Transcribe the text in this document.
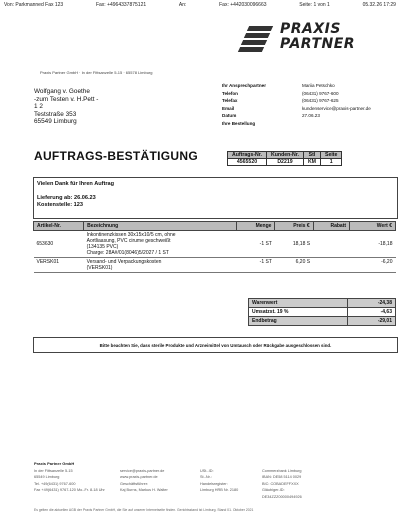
Von: Parkmanned Fax 123	Fax: +4964337875121	An:	Fax: +442030096663	Seite: 1 von 1	05.32.26 17:29
PRAXIS
PARTNER
Praxis Partner GmbH · In der Fittsanzelle 5-15 · 65578 Limburg
Wolfgang v. Goethe
-zum Testen v. H.Pett -
1 2
Teststraße 353
65549 Limburg
Ihr Ansprechpartner	Mariia Petschko
Telefon	(06431) 9767-600
Telefax	(06431) 9767-625
Email	kundenservice@praxis-partner.de
Datum	27.06.23
Ihre Bestellung
AUFTRAGS-BESTÄTIGUNG	Auftrags-Nr.	Kunden-Nr.	Stl	Seite
4565520	D2219	KM	1
Vielen Dank für Ihren Auftrag
Lieferung ab: 26.06.23
Kostenstelle: 123
Artikel-Nr.	Bezeichnung	Menge	Preis €	Rabatt	Wert €
653630	Inkontinenzkissen 30x15x10/5 cm, ohne
Aortliaasung, PVC cirume geschweißt
(134135 PVC)
Charge: 28A#/01(8046)5/2027 / 1 ST	-1 ST	18,18 S		-18,18
VERSK01	Versand- und Verpackungskosten
(VERSK01)	-1 ST	6,20 S		-6,20
Warenwert	-24,38
Umsatzst. 19 %	-4,63
Endbetrag	-29,01
Bitte beachten Sie, dass sterile Produkte und Arzneimittel von Umtausch oder Rückgabe ausgeschlossen sind.
Praxis Partner GmbH
In der Fittsanzelle 5-15
65549 Limburg
Tel. +49(6431) 9767-600
Fax +49(6431) 9767-120 Mo.-Fr. 8-18 Uhr
service@praxis-partner.de
www.praxis-partner.de
Geschäftsführer:
Kaj Burns, Markus H. Walter
USt.-ID:
St.-Nr.:
Handelsregister:
Limburg HRB Nr. 2180
Commerzbank Limburg
IBAN: DE58 5114 0029
BIC: COBADEFFXXX
Gläubiger-ID:
DE34ZZZ00000494926
Es gelten die aktuellen AGB der Praxis Partner GmbH, die Sie auf unserer Internetseite finden. Gerichtsstand ist Limburg. Stand 01. Oktober 2021
